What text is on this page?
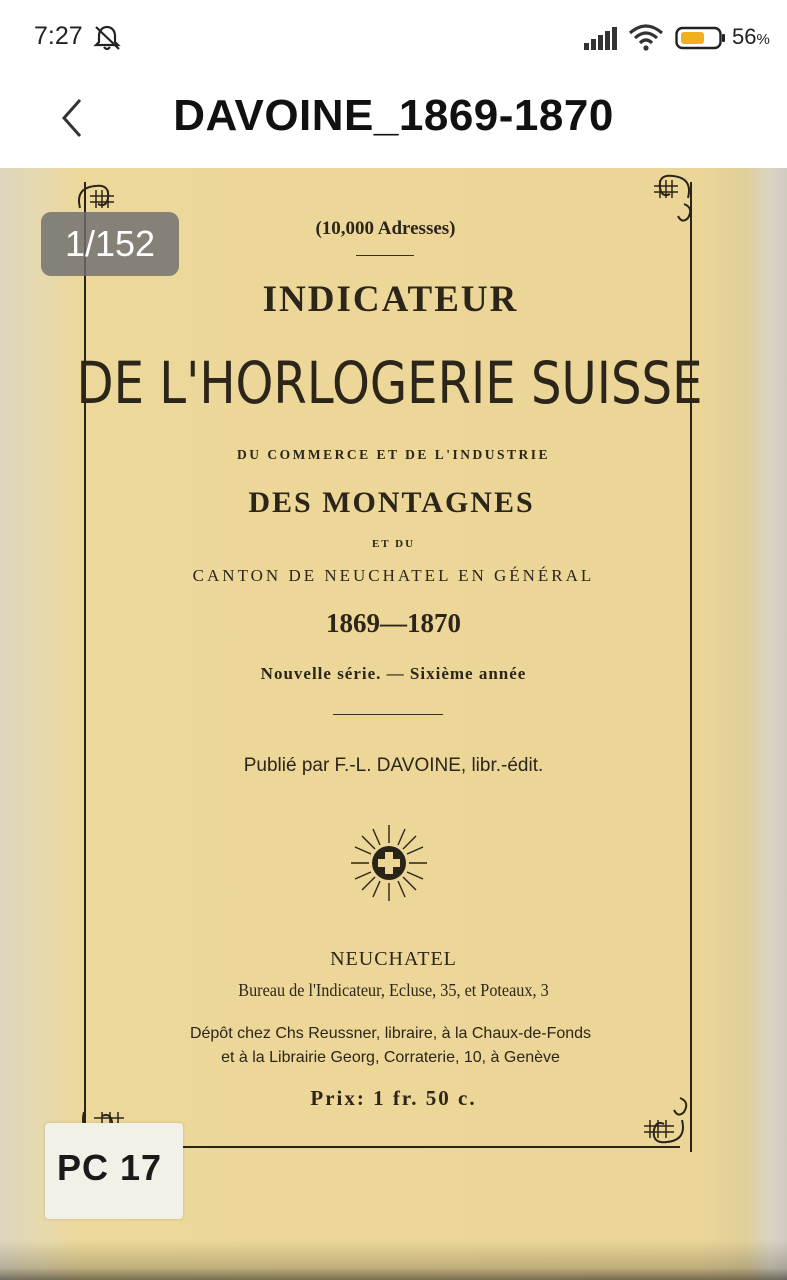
7:27	56%
DAVOINE_1869-1870
(10,000 Adresses)
INDICATEUR
DE L'HORLOGERIE SUISSE
DU COMMERCE ET DE L'INDUSTRIE
DES MONTAGNES
ET DU
CANTON DE NEUCHATEL EN GÉNÉRAL
1869—1870
Nouvelle série. — Sixième année
Publié par F.-L. DAVOINE, libr.-édit.
NEUCHATEL
Bureau de l'Indicateur, Ecluse, 35, et Poteaux, 3
Dépôt chez Chs Reussner, libraire, à la Chaux-de-Fonds
et à la Librairie Georg, Corraterie, 10, à Genève
Prix: 1 fr. 50 c.
PC 17
1/152
